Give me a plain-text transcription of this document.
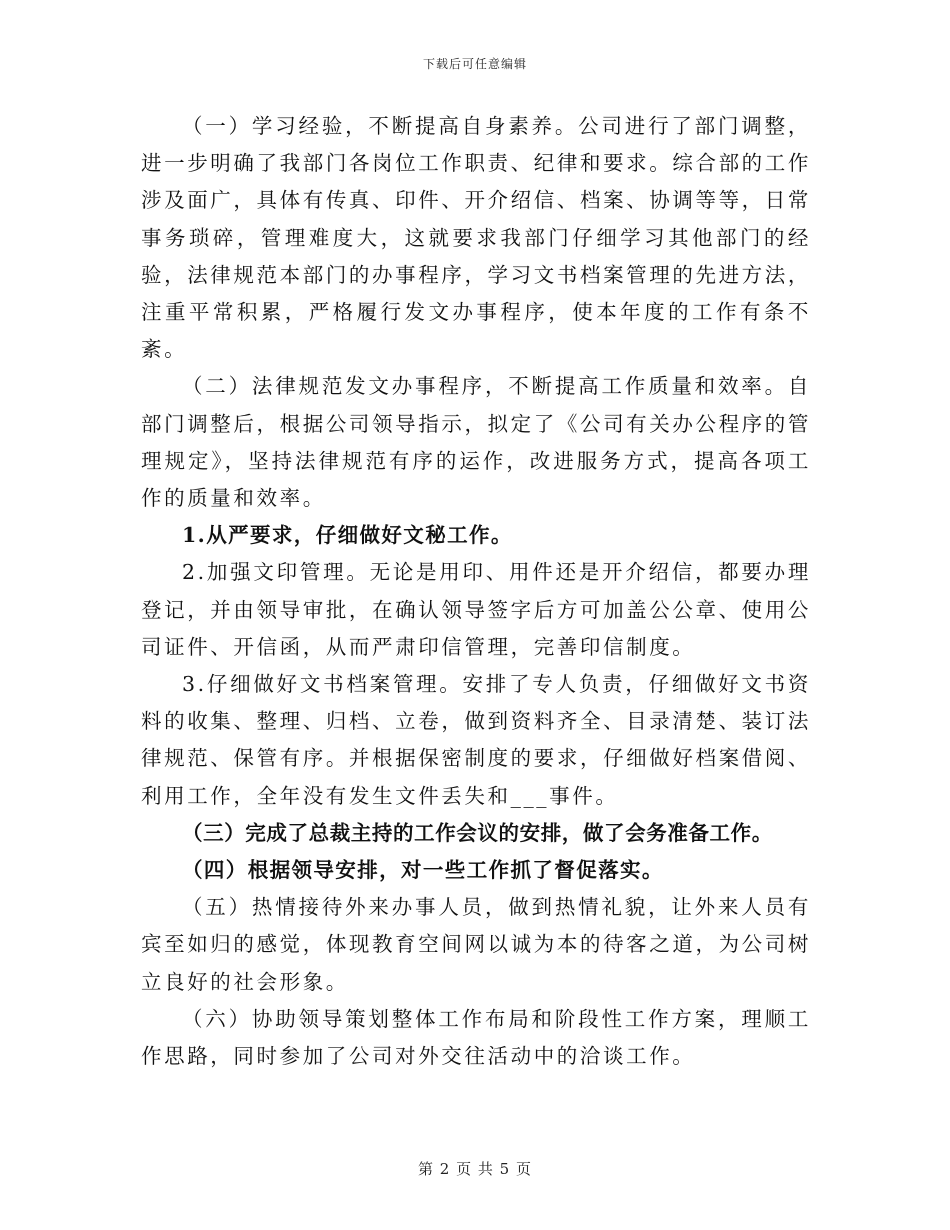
下载后可任意编辑

（一）学习经验，不断提高自身素养。公司进行了部门调整，进一步明确了我部门各岗位工作职责、纪律和要求。综合部的工作涉及面广，具体有传真、印件、开介绍信、档案、协调等等，日常事务琐碎，管理难度大，这就要求我部门仔细学习其他部门的经验，法律规范本部门的办事程序，学习文书档案管理的先进方法，注重平常积累，严格履行发文办事程序，使本年度的工作有条不紊。

（二）法律规范发文办事程序，不断提高工作质量和效率。自部门调整后，根据公司领导指示，拟定了《公司有关办公程序的管理规定》，坚持法律规范有序的运作，改进服务方式，提高各项工作的质量和效率。

1.从严要求，仔细做好文秘工作。

2.加强文印管理。无论是用印、用件还是开介绍信，都要办理登记，并由领导审批，在确认领导签字后方可加盖公公章、使用公司证件、开信函，从而严肃印信管理，完善印信制度。

3.仔细做好文书档案管理。安排了专人负责，仔细做好文书资料的收集、整理、归档、立卷，做到资料齐全、目录清楚、装订法律规范、保管有序。并根据保密制度的要求，仔细做好档案借阅、利用工作，全年没有发生文件丢失和___事件。

（三）完成了总裁主持的工作会议的安排，做了会务准备工作。

（四）根据领导安排，对一些工作抓了督促落实。

（五）热情接待外来办事人员，做到热情礼貌，让外来人员有宾至如归的感觉，体现教育空间网以诚为本的待客之道，为公司树立良好的社会形象。

（六）协助领导策划整体工作布局和阶段性工作方案，理顺工作思路，同时参加了公司对外交往活动中的洽谈工作。

第 2 页 共 5 页
